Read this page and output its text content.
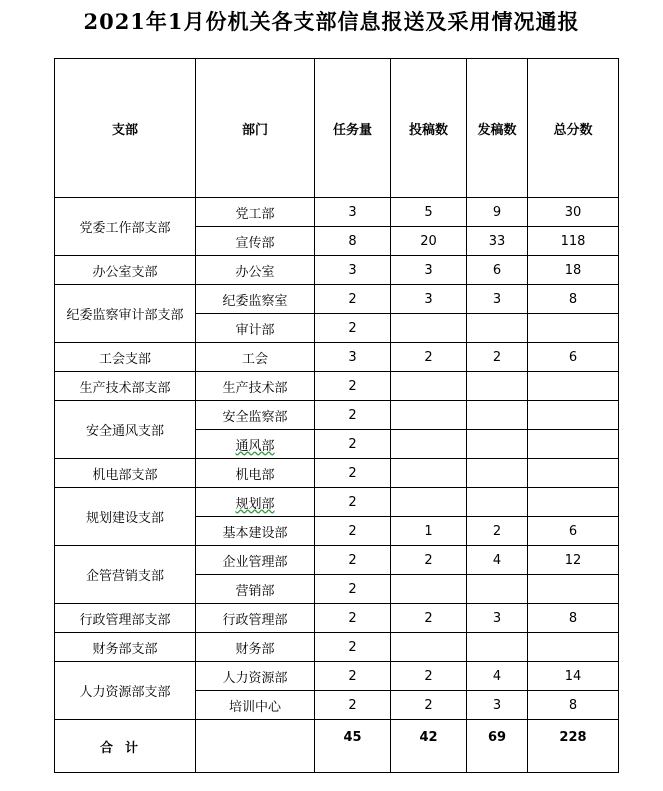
2021年1月份机关各支部信息报送及采用情况通报
支部	部门	任务量	投稿数	发稿数	总分数
党委工作部支部	党工部	3	5	9	30
	宣传部	8	20	33	118
办公室支部	办公室	3	3	6	18
纪委监察审计部支部	纪委监察室	2	3	3	8
	审计部	2			
工会支部	工会	3	2	2	6
生产技术部支部	生产技术部	2			
安全通风支部	安全监察部	2			
	通风部	2			
机电部支部	机电部	2			
规划建设支部	规划部	2			
	基本建设部	2	1	2	6
企管营销支部	企业管理部	2	2	4	12
	营销部	2			
行政管理部支部	行政管理部	2	2	3	8
财务部支部	财务部	2			
人力资源部支部	人力资源部	2	2	4	14
	培训中心	2	2	3	8
合计		45	42	69	228
